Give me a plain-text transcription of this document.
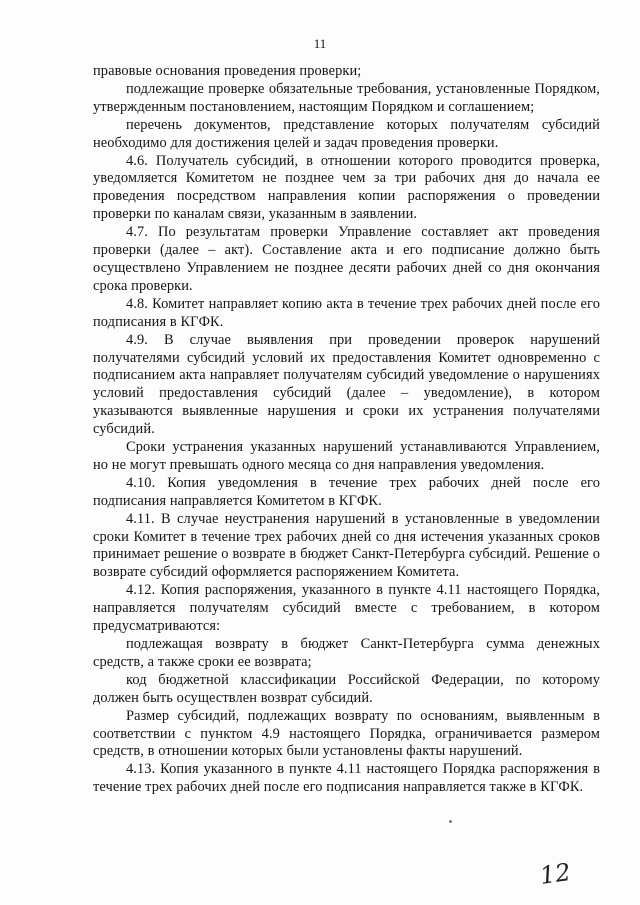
11

правовые основания проведения проверки;

подлежащие проверке обязательные требования, установленные Порядком, утвержденным постановлением, настоящим Порядком и соглашением;

перечень документов, представление которых получателям субсидий необходимо для достижения целей и задач проведения проверки.

4.6. Получатель субсидий, в отношении которого проводится проверка, уведомляется Комитетом не позднее чем за три рабочих дня до начала ее проведения посредством направления копии распоряжения о проведении проверки по каналам связи, указанным в заявлении.

4.7. По результатам проверки Управление составляет акт проведения проверки (далее – акт). Составление акта и его подписание должно быть осуществлено Управлением не позднее десяти рабочих дней со дня окончания срока проверки.

4.8. Комитет направляет копию акта в течение трех рабочих дней после его подписания в КГФК.

4.9. В случае выявления при проведении проверок нарушений получателями субсидий условий их предоставления Комитет одновременно с подписанием акта направляет получателям субсидий уведомление о нарушениях условий предоставления субсидий (далее – уведомление), в котором указываются выявленные нарушения и сроки их устранения получателями субсидий.

Сроки устранения указанных нарушений устанавливаются Управлением, но не могут превышать одного месяца со дня направления уведомления.

4.10. Копия уведомления в течение трех рабочих дней после его подписания направляется Комитетом в КГФК.

4.11. В случае неустранения нарушений в установленные в уведомлении сроки Комитет в течение трех рабочих дней со дня истечения указанных сроков принимает решение о возврате в бюджет Санкт-Петербурга субсидий. Решение о возврате субсидий оформляется распоряжением Комитета.

4.12. Копия распоряжения, указанного в пункте 4.11 настоящего Порядка, направляется получателям субсидий вместе с требованием, в котором предусматриваются:

подлежащая возврату в бюджет Санкт-Петербурга сумма денежных средств, а также сроки ее возврата;

код бюджетной классификации Российской Федерации, по которому должен быть осуществлен возврат субсидий.

Размер субсидий, подлежащих возврату по основаниям, выявленным в соответствии с пунктом 4.9 настоящего Порядка, ограничивается размером средств, в отношении которых были установлены факты нарушений.

4.13. Копия указанного в пункте 4.11 настоящего Порядка распоряжения в течение трех рабочих дней после его подписания направляется также в КГФК.

12
